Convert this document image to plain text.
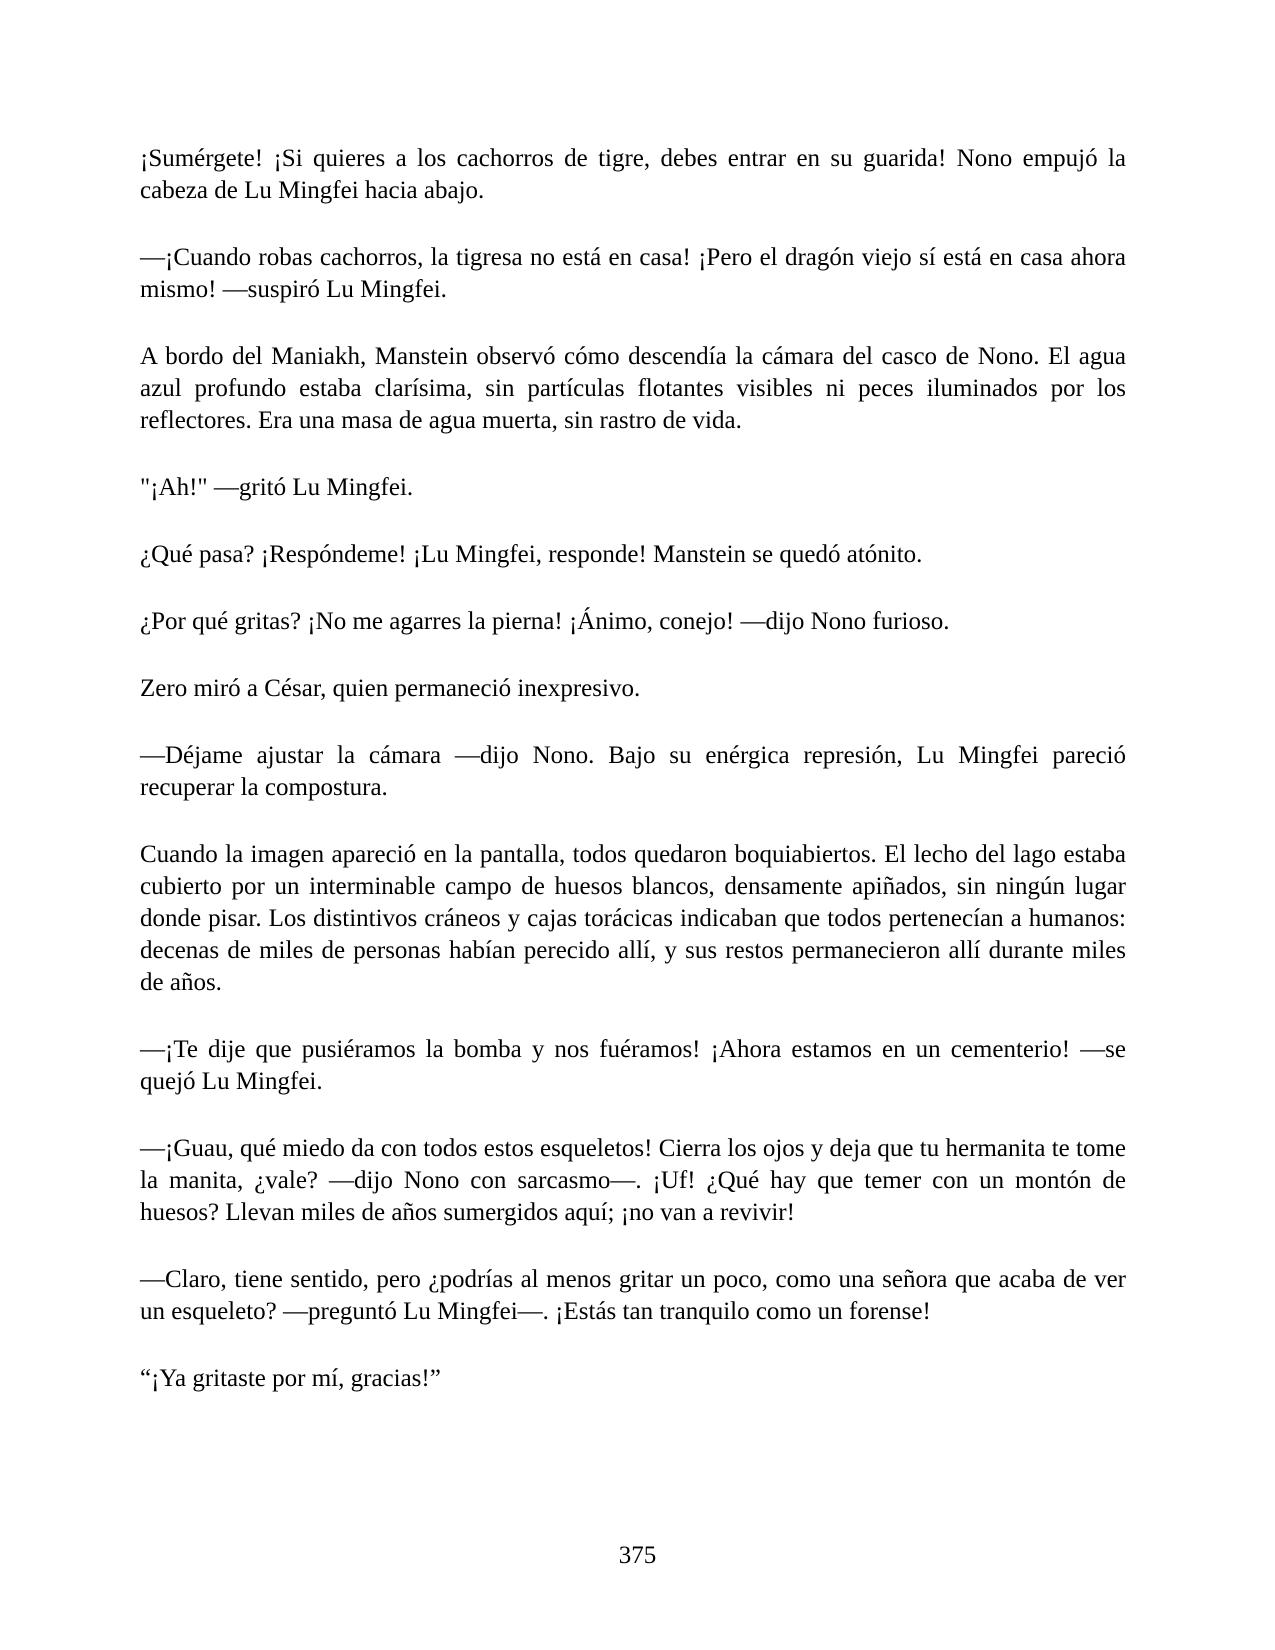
¡Sumérgete! ¡Si quieres a los cachorros de tigre, debes entrar en su guarida! Nono empujó la cabeza de Lu Mingfei hacia abajo.

—¡Cuando robas cachorros, la tigresa no está en casa! ¡Pero el dragón viejo sí está en casa ahora mismo! —suspiró Lu Mingfei.

A bordo del Maniakh, Manstein observó cómo descendía la cámara del casco de Nono. El agua azul profundo estaba clarísima, sin partículas flotantes visibles ni peces iluminados por los reflectores. Era una masa de agua muerta, sin rastro de vida.

"¡Ah!" —gritó Lu Mingfei.

¿Qué pasa? ¡Respóndeme! ¡Lu Mingfei, responde! Manstein se quedó atónito.

¿Por qué gritas? ¡No me agarres la pierna! ¡Ánimo, conejo! —dijo Nono furioso.

Zero miró a César, quien permaneció inexpresivo.

—Déjame ajustar la cámara —dijo Nono. Bajo su enérgica represión, Lu Mingfei pareció recuperar la compostura.

Cuando la imagen apareció en la pantalla, todos quedaron boquiabiertos. El lecho del lago estaba cubierto por un interminable campo de huesos blancos, densamente apiñados, sin ningún lugar donde pisar. Los distintivos cráneos y cajas torácicas indicaban que todos pertenecían a humanos: decenas de miles de personas habían perecido allí, y sus restos permanecieron allí durante miles de años.

—¡Te dije que pusiéramos la bomba y nos fuéramos! ¡Ahora estamos en un cementerio! —se quejó Lu Mingfei.

—¡Guau, qué miedo da con todos estos esqueletos! Cierra los ojos y deja que tu hermanita te tome la manita, ¿vale? —dijo Nono con sarcasmo—. ¡Uf! ¿Qué hay que temer con un montón de huesos? Llevan miles de años sumergidos aquí; ¡no van a revivir!

—Claro, tiene sentido, pero ¿podrías al menos gritar un poco, como una señora que acaba de ver un esqueleto? —preguntó Lu Mingfei—. ¡Estás tan tranquilo como un forense!

“¡Ya gritaste por mí, gracias!”

375
